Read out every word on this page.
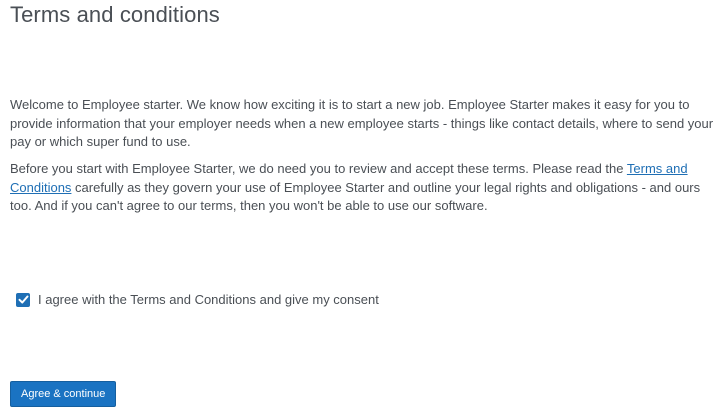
Terms and conditions

Welcome to Employee starter. We know how exciting it is to start a new job. Employee Starter makes it easy for you to provide information that your employer needs when a new employee starts - things like contact details, where to send your pay or which super fund to use.

Before you start with Employee Starter, we do need you to review and accept these terms. Please read the Terms and Conditions carefully as they govern your use of Employee Starter and outline your legal rights and obligations - and ours too. And if you can't agree to our terms, then you won't be able to use our software.

I agree with the Terms and Conditions and give my consent
Agree & continue
